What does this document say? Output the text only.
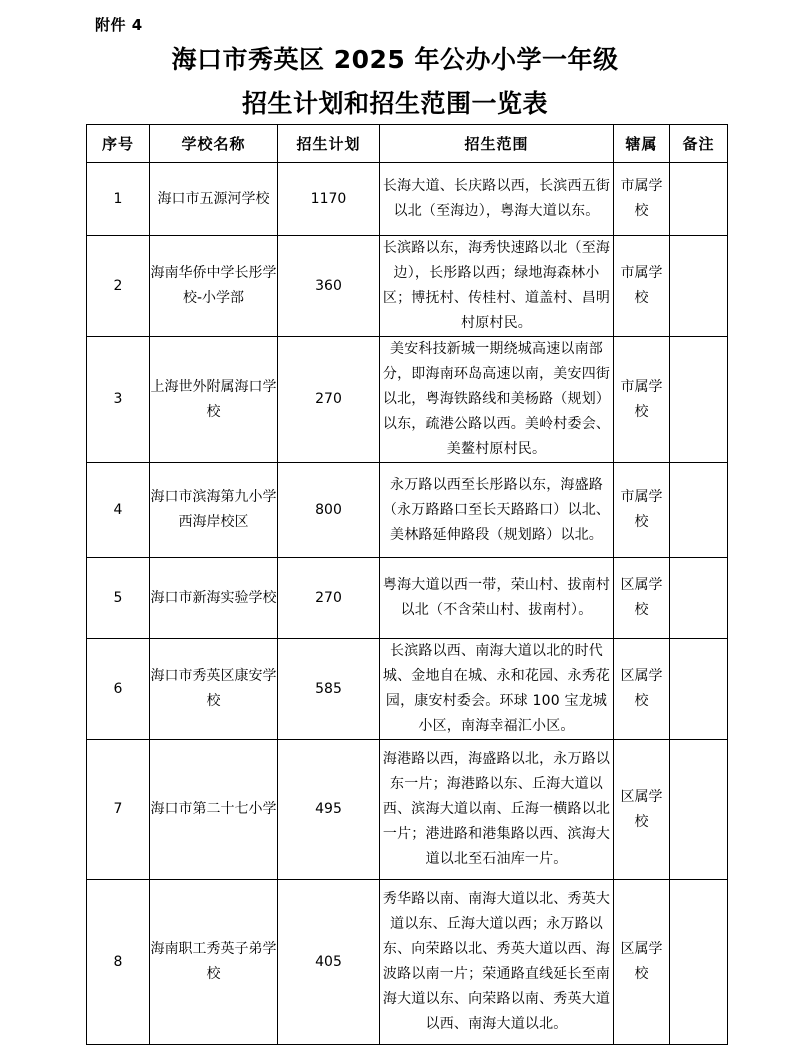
附件 4
海口市秀英区 2025 年公办小学一年级
招生计划和招生范围一览表
序号	学校名称	招生计划	招生范围	辖属	备注
1	海口市五源河学校	1170	长海大道、长庆路以西，长滨西五街以北（至海边），粤海大道以东。	市属学校	
2	海南华侨中学长彤学校-小学部	360	长滨路以东，海秀快速路以北（至海边），长彤路以西；绿地海森林小区；博抚村、传桂村、道盖村、昌明村原村民。	市属学校	
3	上海世外附属海口学校	270	美安科技新城一期绕城高速以南部分，即海南环岛高速以南，美安四街以北，粤海铁路线和美杨路（规划）以东，疏港公路以西。美岭村委会、美鳌村原村民。	市属学校	
4	海口市滨海第九小学西海岸校区	800	永万路以西至长彤路以东，海盛路（永万路路口至长天路路口）以北、美林路延伸路段（规划路）以北。	市属学校	
5	海口市新海实验学校	270	粤海大道以西一带，荣山村、拔南村以北（不含荣山村、拔南村）。	区属学校	
6	海口市秀英区康安学校	585	长滨路以西、南海大道以北的时代城、金地自在城、永和花园、永秀花园，康安村委会。环球 100 宝龙城小区，南海幸福汇小区。	区属学校	
7	海口市第二十七小学	495	海港路以西，海盛路以北，永万路以东一片；海港路以东、丘海大道以西、滨海大道以南、丘海一横路以北一片；港进路和港集路以西、滨海大道以北至石油库一片。	区属学校	
8	海南职工秀英子弟学校	405	秀华路以南、南海大道以北、秀英大道以东、丘海大道以西；永万路以东、向荣路以北、秀英大道以西、海波路以南一片；荣通路直线延长至南海大道以东、向荣路以南、秀英大道以西、南海大道以北。	区属学校	
